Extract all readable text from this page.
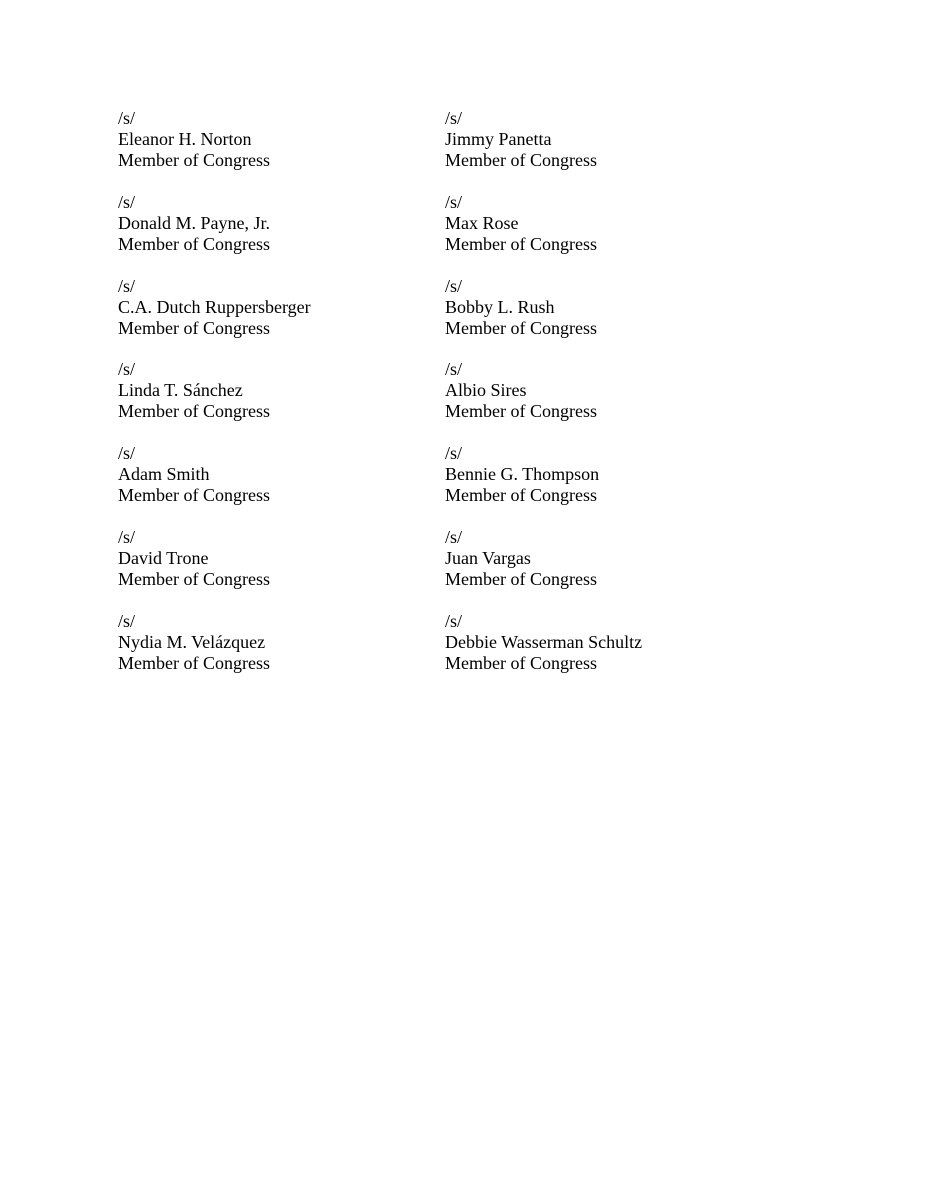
/s/
Eleanor H. Norton
Member of Congress
/s/
Donald M. Payne, Jr.
Member of Congress
/s/
C.A. Dutch Ruppersberger
Member of Congress
/s/
Linda T. Sánchez
Member of Congress
/s/
Adam Smith
Member of Congress
/s/
David Trone
Member of Congress
/s/
Nydia M. Velázquez
Member of Congress
/s/
Jimmy Panetta
Member of Congress
/s/
Max Rose
Member of Congress
/s/
Bobby L. Rush
Member of Congress
/s/
Albio Sires
Member of Congress
/s/
Bennie G. Thompson
Member of Congress
/s/
Juan Vargas
Member of Congress
/s/
Debbie Wasserman Schultz
Member of Congress
